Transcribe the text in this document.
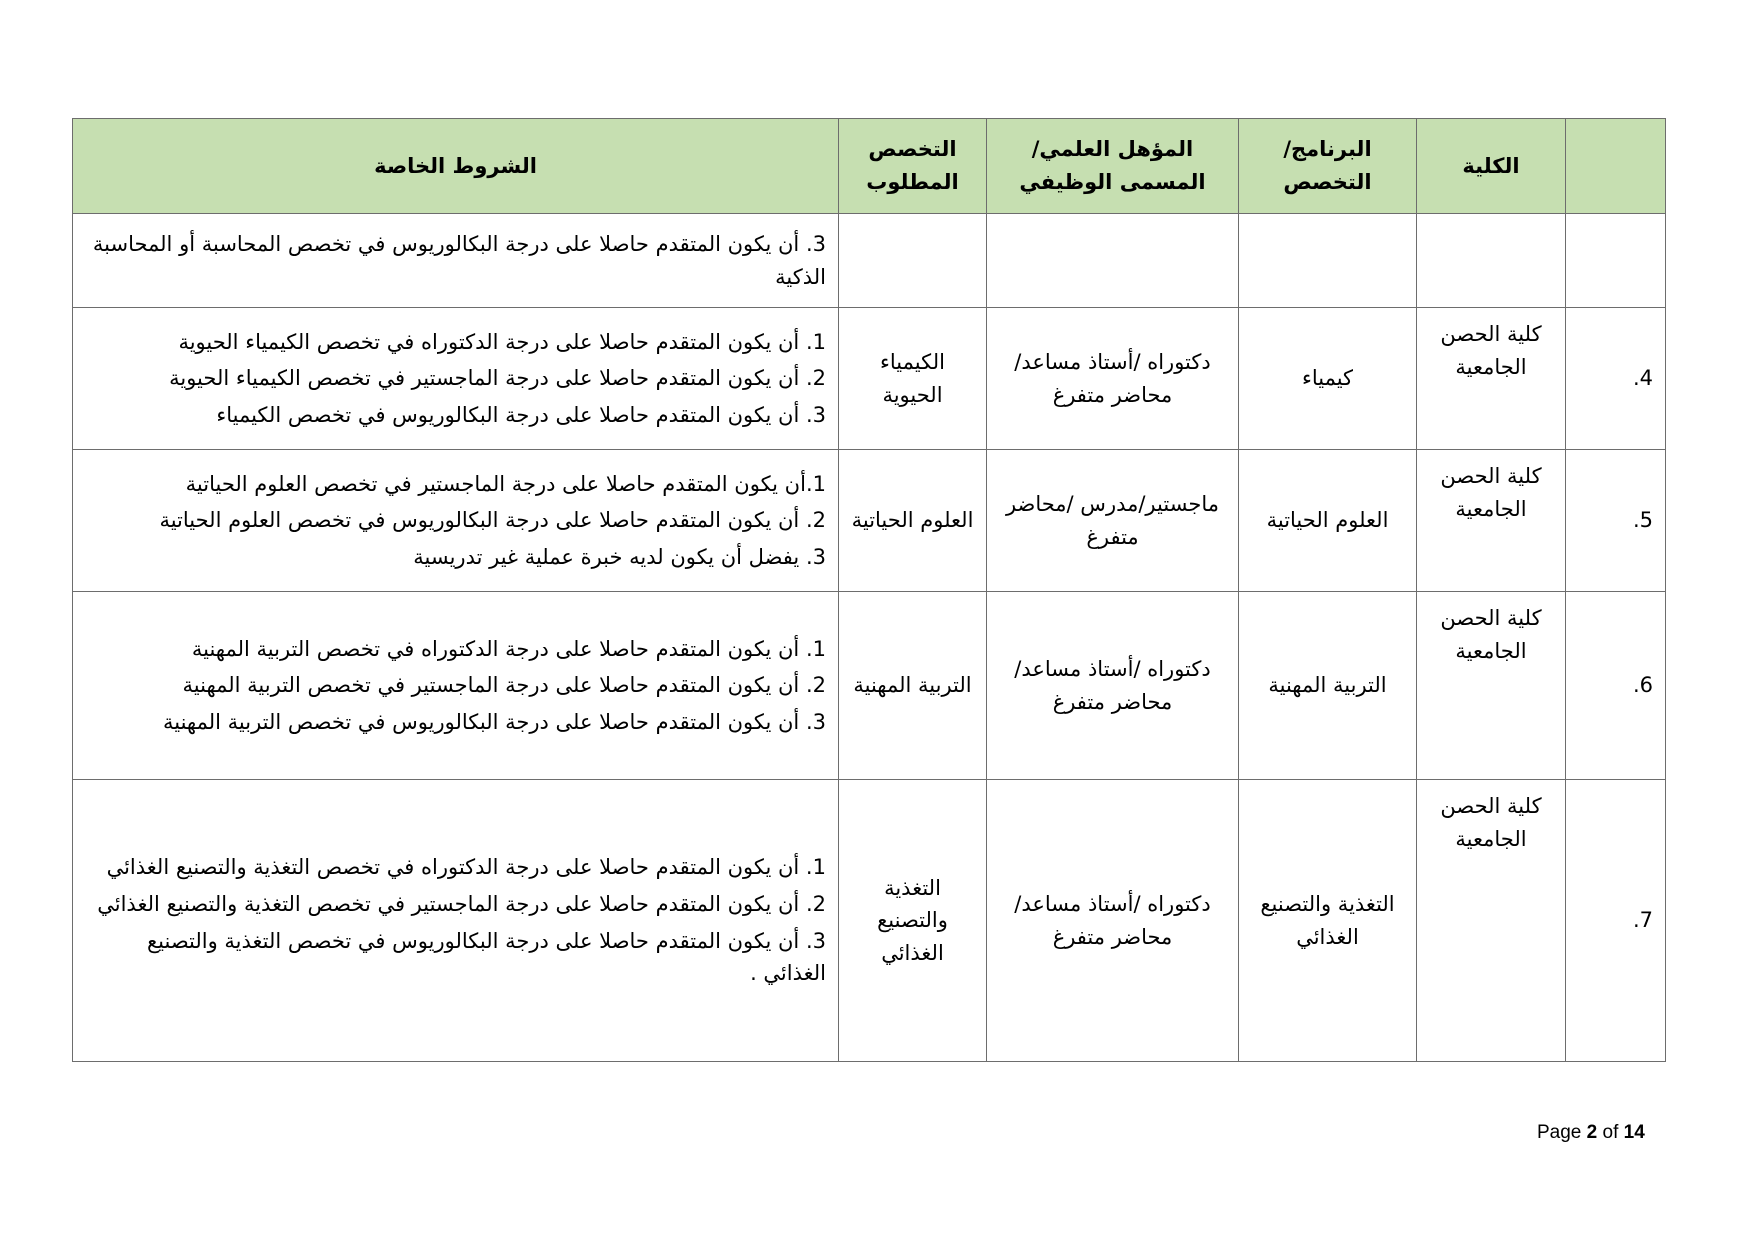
	الكلية	البرنامج/ التخصص	المؤهل العلمي/المسمى الوظيفي	التخصص المطلوب	الشروط الخاصة

					3. أن يكون المتقدم حاصلا على درجة البكالوريوس في تخصص المحاسبة أو المحاسبة الذكية

4.	كلية الحصن الجامعية	كيمياء	دكتوراه /أستاذ مساعد/محاضر متفرغ	الكيمياء الحيوية	1. أن يكون المتقدم حاصلا على درجة الدكتوراه في تخصص الكيمياء الحيوية
2. أن يكون المتقدم حاصلا على درجة الماجستير في تخصص الكيمياء الحيوية
3. أن يكون المتقدم حاصلا على درجة البكالوريوس في تخصص الكيمياء

5.	كلية الحصن الجامعية	العلوم الحياتية	ماجستير/مدرس /محاضر متفرغ	العلوم الحياتية	1.أن يكون المتقدم حاصلا على درجة الماجستير في تخصص العلوم الحياتية
2. أن يكون المتقدم حاصلا على درجة البكالوريوس في تخصص العلوم الحياتية
3. يفضل أن يكون لديه خبرة عملية غير تدريسية

6.	كلية الحصن الجامعية	التربية المهنية	دكتوراه /أستاذ مساعد/محاضر متفرغ	التربية المهنية	1. أن يكون المتقدم حاصلا على درجة الدكتوراه في تخصص التربية المهنية
2. أن يكون المتقدم حاصلا على درجة الماجستير في تخصص التربية المهنية
3. أن يكون المتقدم حاصلا على درجة البكالوريوس في تخصص التربية المهنية

7.	كلية الحصن الجامعية	التغذية والتصنيع الغذائي	دكتوراه /أستاذ مساعد/محاضر متفرغ	التغذية والتصنيع الغذائي	1. أن يكون المتقدم حاصلا على درجة الدكتوراه في تخصص التغذية والتصنيع الغذائي
2. أن يكون المتقدم حاصلا على درجة الماجستير في تخصص التغذية والتصنيع الغذائي
3. أن يكون المتقدم حاصلا على درجة البكالوريوس في تخصص التغذية والتصنيع الغذائي .
Page 2 of 14
